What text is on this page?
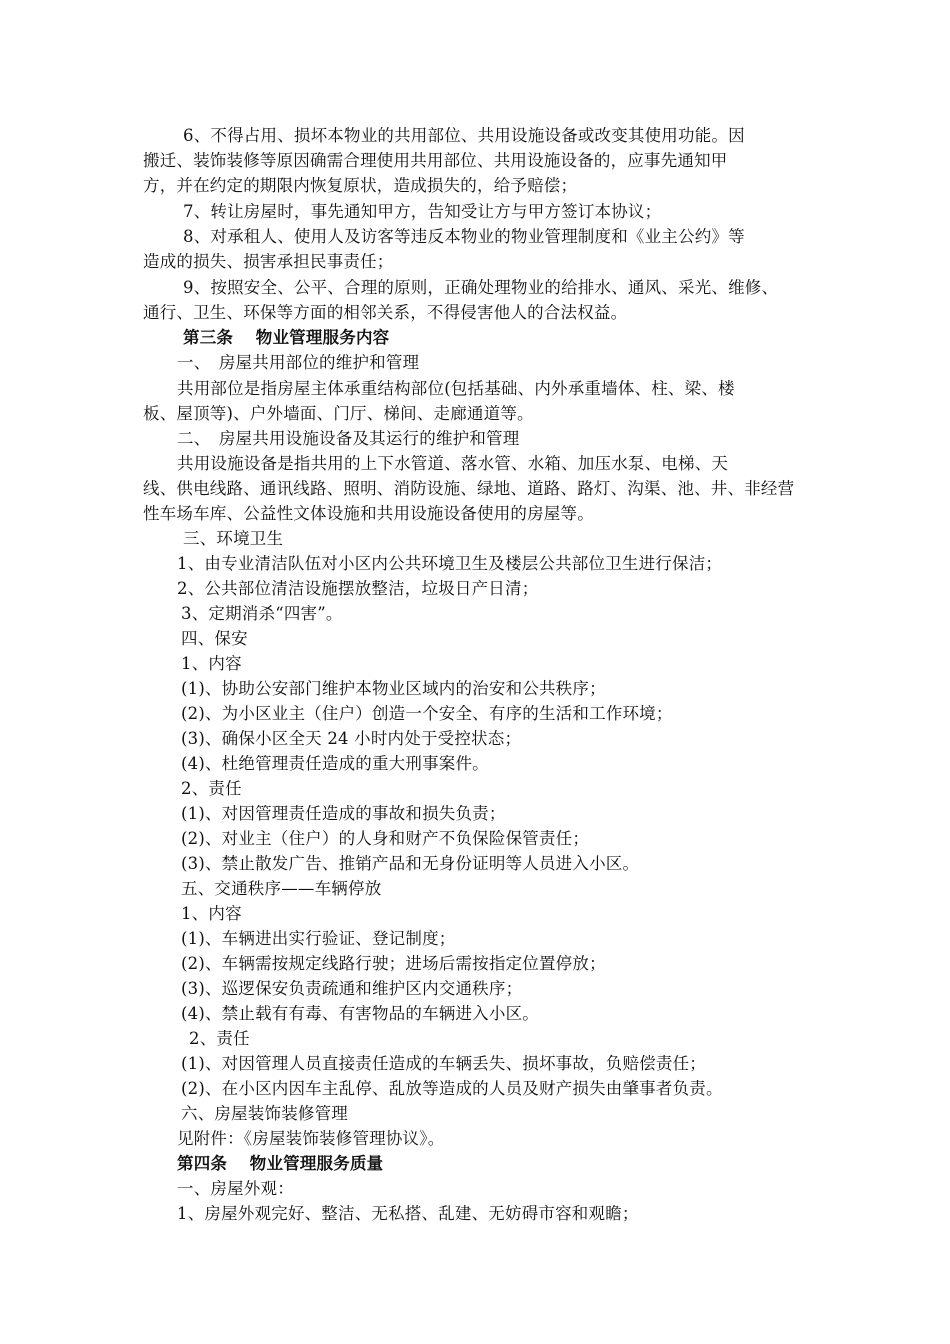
6、不得占用、损坏本物业的共用部位、共用设施设备或改变其使用功能。因
搬迁、装饰装修等原因确需合理使用共用部位、共用设施设备的，应事先通知甲
方，并在约定的期限内恢复原状，造成损失的，给予赔偿；
7、转让房屋时，事先通知甲方，告知受让方与甲方签订本协议；
8、对承租人、使用人及访客等违反本物业的物业管理制度和《业主公约》等
造成的损失、损害承担民事责任；
9、按照安全、公平、合理的原则，正确处理物业的给排水、通风、采光、维修、
通行、卫生、环保等方面的相邻关系，不得侵害他人的合法权益。
第三条　 物业管理服务内容
一、　房屋共用部位的维护和管理
共用部位是指房屋主体承重结构部位(包括基础、内外承重墙体、柱、梁、楼
板、屋顶等)、户外墙面、门厅、梯间、走廊通道等。
二、　房屋共用设施设备及其运行的维护和管理
共用设施设备是指共用的上下水管道、落水管、水箱、加压水泵、电梯、天
线、供电线路、通讯线路、照明、消防设施、绿地、道路、路灯、沟渠、池、井、非经营
性车场车库、公益性文体设施和共用设施设备使用的房屋等。
三、环境卫生
1、由专业清洁队伍对小区内公共环境卫生及楼层公共部位卫生进行保洁；
2、公共部位清洁设施摆放整洁，垃圾日产日清；
3、定期消杀“四害”。
四、保安
1、内容
(1)、协助公安部门维护本物业区域内的治安和公共秩序；
(2)、为小区业主（住户）创造一个安全、有序的生活和工作环境；
(3)、确保小区全天 24 小时内处于受控状态；
(4)、杜绝管理责任造成的重大刑事案件。
2、责任
(1)、对因管理责任造成的事故和损失负责；
(2)、对业主（住户）的人身和财产不负保险保管责任；
(3)、禁止散发广告、推销产品和无身份证明等人员进入小区。
五、交通秩序——车辆停放
1、内容
(1)、车辆进出实行验证、登记制度；
(2)、车辆需按规定线路行驶；进场后需按指定位置停放；
(3)、巡逻保安负责疏通和维护区内交通秩序；
(4)、禁止载有有毒、有害物品的车辆进入小区。
2、责任
(1)、对因管理人员直接责任造成的车辆丢失、损坏事故，负赔偿责任；
(2)、在小区内因车主乱停、乱放等造成的人员及财产损失由肇事者负责。
六、房屋装饰装修管理
见附件：《房屋装饰装修管理协议》。
第四条　 物业管理服务质量
一、房屋外观：
1、房屋外观完好、整洁、无私搭、乱建、无妨碍市容和观瞻；
